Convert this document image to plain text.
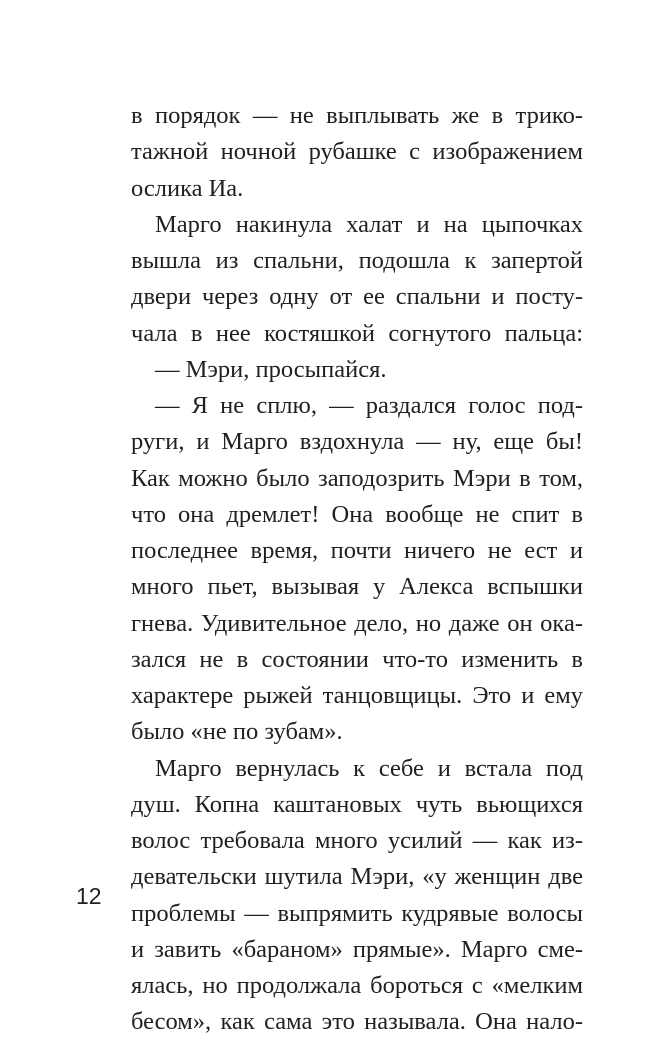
в порядок — не выплывать же в трико-
тажной ночной рубашке с изображением
ослика Иа.
Марго накинула халат и на цыпочках
вышла из спальни, подошла к запертой
двери через одну от ее спальни и посту-
чала в нее костяшкой согнутого пальца:
— Мэри, просыпайся.
— Я не сплю, — раздался голос под-
руги, и Марго вздохнула — ну, еще бы!
Как можно было заподозрить Мэри в том,
что она дремлет! Она вообще не спит в
последнее время, почти ничего не ест и
много пьет, вызывая у Алекса вспышки
гнева. Удивительное дело, но даже он ока-
зался не в состоянии что-то изменить в
характере рыжей танцовщицы. Это и ему
было «не по зубам».
Марго вернулась к себе и встала под
душ. Копна каштановых чуть вьющихся
волос требовала много усилий — как из-
девательски шутила Мэри, «у женщин две
проблемы — выпрямить кудрявые волосы
и завить «бараном» прямые». Марго сме-
ялась, но продолжала бороться с «мелким
бесом», как сама это называла. Она нало-
12
